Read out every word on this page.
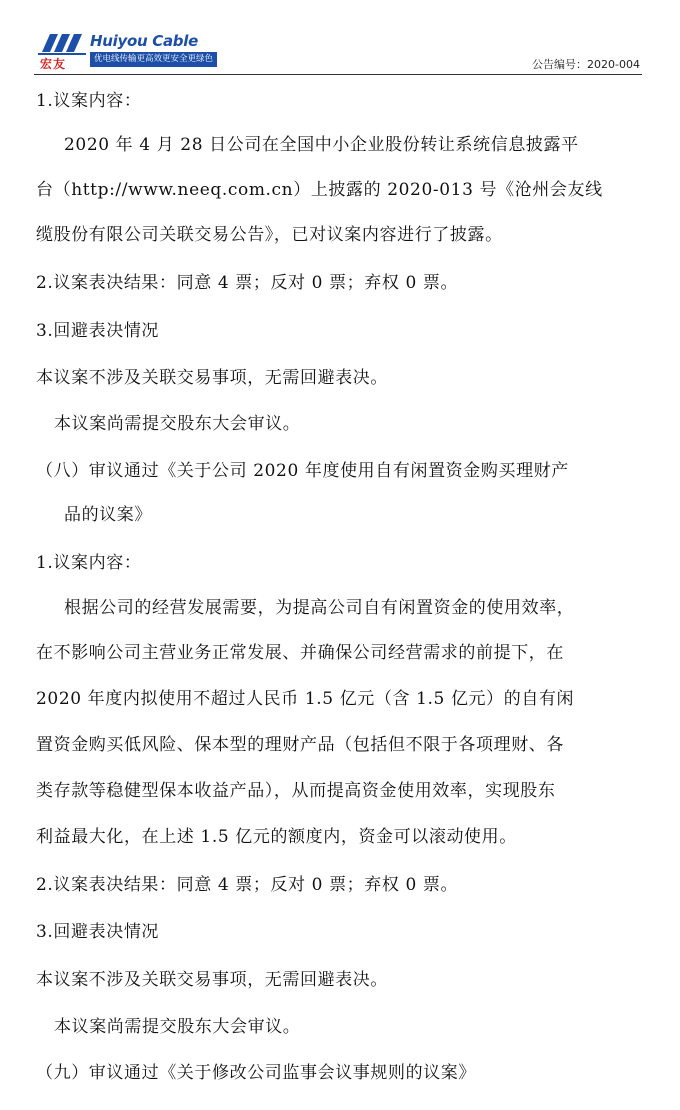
宏友
Huiyou Cable
优电线传输更高效更安全更绿色	公告编号：2020-004
1.议案内容：
2020 年 4 月 28 日公司在全国中小企业股份转让系统信息披露平
台（http://www.neeq.com.cn）上披露的 2020-013 号《沧州会友线
缆股份有限公司关联交易公告》，已对议案内容进行了披露。
2.议案表决结果：同意 4 票；反对 0 票；弃权 0 票。
3.回避表决情况
本议案不涉及关联交易事项，无需回避表决。
本议案尚需提交股东大会审议。
（八）审议通过《关于公司 2020 年度使用自有闲置资金购买理财产
品的议案》
1.议案内容：
根据公司的经营发展需要，为提高公司自有闲置资金的使用效率，
在不影响公司主营业务正常发展、并确保公司经营需求的前提下，在
2020 年度内拟使用不超过人民币 1.5 亿元（含 1.5 亿元）的自有闲
置资金购买低风险、保本型的理财产品（包括但不限于各项理财、各
类存款等稳健型保本收益产品），从而提高资金使用效率，实现股东
利益最大化，在上述 1.5 亿元的额度内，资金可以滚动使用。
2.议案表决结果：同意 4 票；反对 0 票；弃权 0 票。
3.回避表决情况
本议案不涉及关联交易事项，无需回避表决。
本议案尚需提交股东大会审议。
（九）审议通过《关于修改公司监事会议事规则的议案》
